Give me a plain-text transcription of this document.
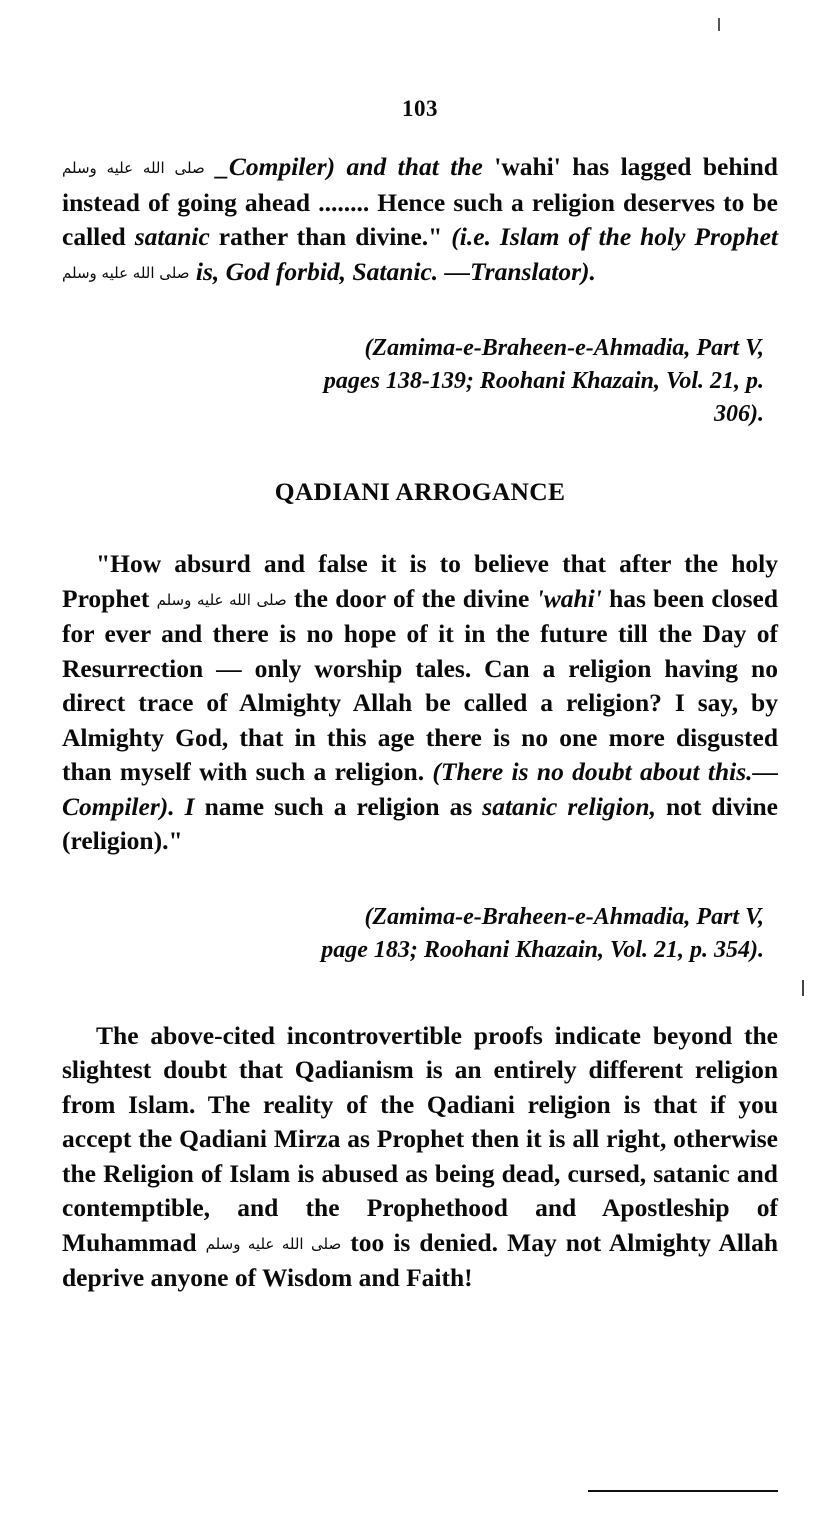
103

صلى الله عليه وسلم _Compiler) and that the 'wahi' has lagged behind instead of going ahead ........ Hence such a religion deserves to be called satanic rather than divine." (i.e. Islam of the holy Prophet صلى الله عليه وسلم is, God forbid, Satanic. —Translator).

(Zamima-e-Braheen-e-Ahmadia, Part V,
pages 138-139; Roohani Khazain, Vol. 21, p.
306).
QADIANI ARROGANCE

"How absurd and false it is to believe that after the holy Prophet صلى الله عليه وسلم the door of the divine 'wahi' has been closed for ever and there is no hope of it in the future till the Day of Resurrection — only worship tales. Can a religion having no direct trace of Almighty Allah be called a religion? I say, by Almighty God, that in this age there is no one more disgusted than myself with such a religion. (There is no doubt about this.— Compiler). I name such a religion as satanic religion, not divine (religion)."

(Zamima-e-Braheen-e-Ahmadia, Part V,
page 183; Roohani Khazain, Vol. 21, p. 354).

The above-cited incontrovertible proofs indicate beyond the slightest doubt that Qadianism is an entirely different religion from Islam. The reality of the Qadiani religion is that if you accept the Qadiani Mirza as Prophet then it is all right, otherwise the Religion of Islam is abused as being dead, cursed, satanic and contemptible, and the Prophethood and Apostleship of Muhammad صلى الله عليه وسلم too is denied. May not Almighty Allah deprive anyone of Wisdom and Faith!
